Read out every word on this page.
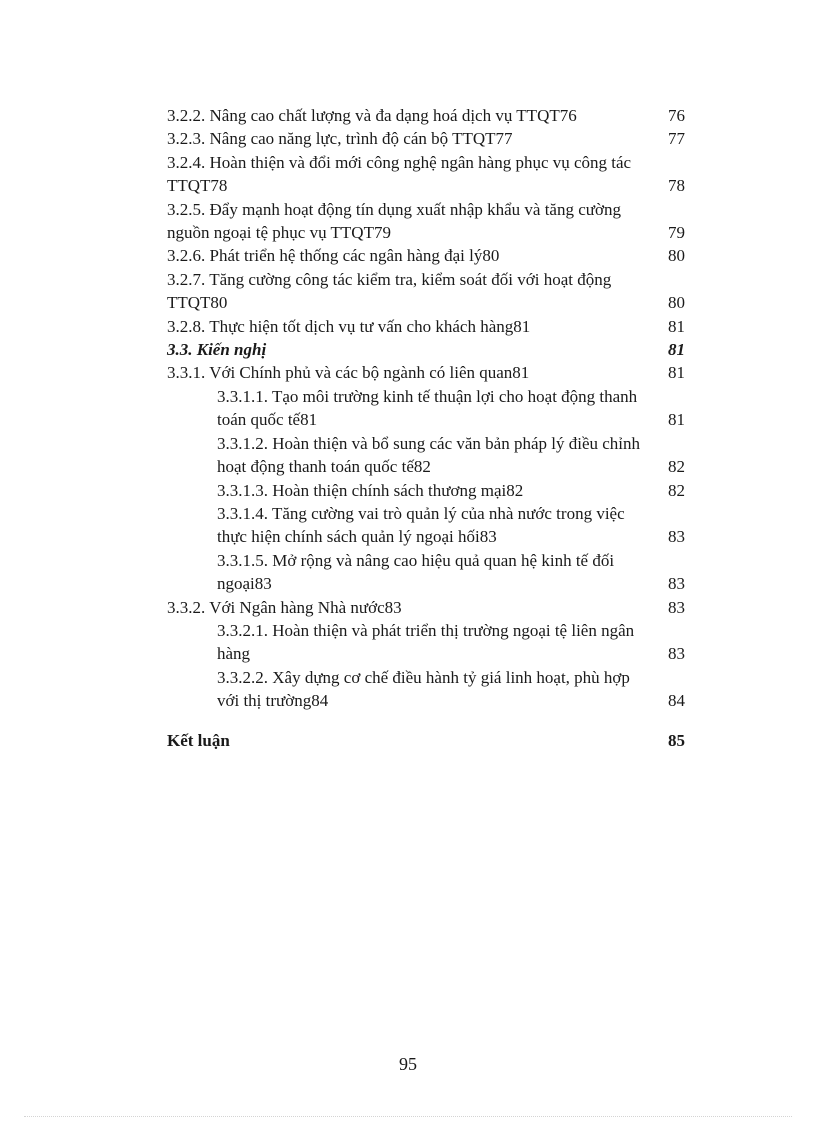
3.2.2. Nâng cao chất lượng và đa dạng hoá dịch vụ TTQT76	76
3.2.3. Nâng cao năng lực, trình độ cán bộ TTQT77	77
3.2.4. Hoàn thiện và đổi mới công nghệ ngân hàng phục vụ công tác TTQT78	78
3.2.5. Đẩy mạnh hoạt động tín dụng xuất nhập khẩu và tăng cường nguồn ngoại tệ phục vụ TTQT79	79
3.2.6. Phát triển hệ thống các ngân hàng đại lý80	80
3.2.7. Tăng cường công tác kiểm tra, kiểm soát đối với hoạt động TTQT80	80
3.2.8. Thực hiện tốt dịch vụ tư vấn cho khách hàng81	81
3.3. Kiến nghị	81
3.3.1. Với Chính phủ và các bộ ngành có liên quan81	81
3.3.1.1. Tạo môi trường kinh tế thuận lợi cho hoạt động thanh toán quốc tế81	81
3.3.1.2. Hoàn thiện và bổ sung các văn bản pháp lý điều chỉnh hoạt động thanh toán quốc tế82	82
3.3.1.3. Hoàn thiện chính sách thương mại82	82
3.3.1.4. Tăng cường vai trò quản lý của nhà nước trong việc thực hiện chính sách quản lý ngoại hối83	83
3.3.1.5. Mở rộng và nâng cao hiệu quả quan hệ kinh tế đối ngoại83	83
3.3.2. Với Ngân hàng Nhà nước83	83
3.3.2.1. Hoàn thiện và phát triển thị trường ngoại tệ liên ngân hàng	83
3.3.2.2. Xây dựng cơ chế điều hành tỷ giá linh hoạt, phù hợp với thị trường84	84
Kết luận	85
95
